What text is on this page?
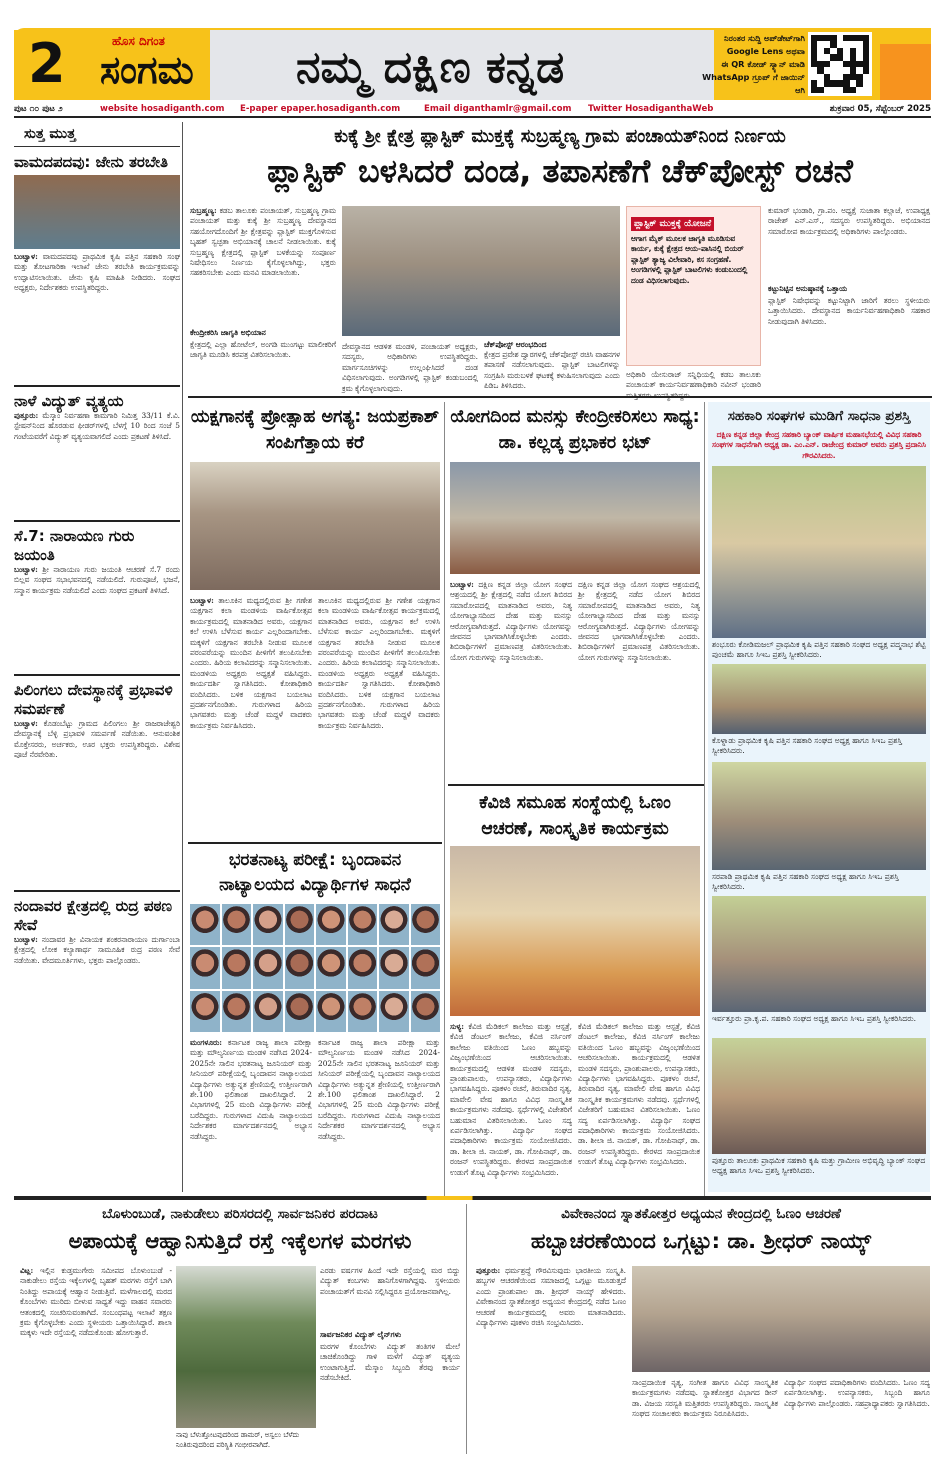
2	ಹೊಸ ದಿಗಂತ
ಸಂಗಮ ನಮ್ಮ ದಕ್ಷಿಣ ಕನ್ನಡ
ನಿರಂತರ ಸುದ್ದಿ ಅಪ್‌ಡೇಟ್‌ಗಾಗಿ
Google Lens ಅಥವಾ
ಈ QR ಕೋಡ್ ಸ್ಕ್ಯಾನ್ ಮಾಡಿ
WhatsApp ಗ್ರೂಪ್ ಗೆ ಜಾಯಿನ್ ಆಗಿ
ಪುಟ ೧೦ ಪುಟ ೨	website hosadiganth.com E-paper epaper.hosadiganth.com	Email diganthamlr@gmail.com Twitter HosadiganthaWeb	ಶುಕ್ರವಾರ 05, ಸೆಪ್ಟೆಂಬರ್ 2025
ಸುತ್ತ ಮುತ್ತ
ವಾಮದಪದವು: ಜೇನು ತರಬೇತಿ
ಬಂಟ್ವಾಳ: ವಾಮದಪದವು ಪ್ರಾಥಮಿಕ ಕೃಷಿ ಪತ್ತಿನ ಸಹಕಾರಿ ಸಂಘ ಮತ್ತು ತೋಟಗಾರಿಕಾ ಇಲಾಖೆ ಜೇನು ತರಬೇತಿ ಕಾರ್ಯಕ್ರಮವನ್ನು ಉದ್ಘಾಟಿಸಲಾಯಿತು. ಜೇನು ಕೃಷಿ ಮಾಹಿತಿ ನೀಡಿದರು. ಸಂಘದ ಅಧ್ಯಕ್ಷರು, ನಿರ್ದೇಶಕರು ಉಪಸ್ಥಿತರಿದ್ದರು.
ನಾಳೆ ವಿದ್ಯುತ್ ವ್ಯತ್ಯಯ
ಪುತ್ತೂರು: ಮೆಸ್ಕಾಂ ನಿರ್ವಹಣಾ ಕಾಮಗಾರಿ ನಿಮಿತ್ತ 33/11 ಕೆ.ವಿ. ಸ್ಟೇಷನ್‌ನಿಂದ ಹೊರಡುವ ಫೀಡರ್‌ಗಳಲ್ಲಿ ಬೆಳಗ್ಗೆ 10 ರಿಂದ ಸಂಜೆ 5 ಗಂಟೆಯವರೆಗೆ ವಿದ್ಯುತ್ ವ್ಯತ್ಯಯವಾಗಲಿದೆ ಎಂದು ಪ್ರಕಟಣೆ ತಿಳಿಸಿದೆ.
ಸೆ.7: ನಾರಾಯಣ ಗುರು ಜಯಂತಿ
ಬಂಟ್ವಾಳ: ಶ್ರೀ ನಾರಾಯಣ ಗುರು ಜಯಂತಿ ಆಚರಣೆ ಸೆ.7 ರಂದು ಬಿಲ್ಲವ ಸಂಘದ ಸಭಾಭವನದಲ್ಲಿ ನಡೆಯಲಿದೆ. ಗುರುಪೂಜೆ, ಭಜನೆ, ಸನ್ಮಾನ ಕಾರ್ಯಕ್ರಮ ನಡೆಯಲಿದೆ ಎಂದು ಸಂಘದ ಪ್ರಕಟಣೆ ತಿಳಿಸಿದೆ.
ಪಿಲಿಂಗಲು ದೇವಸ್ಥಾನಕ್ಕೆ ಪ್ರಭಾವಳಿ ಸಮರ್ಪಣೆ
ಬಂಟ್ವಾಳ: ಕೊಡಂಬೆಟ್ಟು ಗ್ರಾಮದ ಪಿಲಿಂಗಲು ಶ್ರೀ ರಾಜರಾಜೇಶ್ವರಿ ದೇವಸ್ಥಾನಕ್ಕೆ ಬೆಳ್ಳಿ ಪ್ರಭಾವಳಿ ಸಮರ್ಪಣೆ ನಡೆಯಿತು. ಆನುವಂಶಿಕ ಮೊಕ್ತೇಸರರು, ಅರ್ಚಕರು, ಊರ ಭಕ್ತರು ಉಪಸ್ಥಿತರಿದ್ದರು. ವಿಶೇಷ ಪೂಜೆ ನೆರವೇರಿತು.
ನಂದಾವರ ಕ್ಷೇತ್ರದಲ್ಲಿ ರುದ್ರ ಪಠಣ ಸೇವೆ
ಬಂಟ್ವಾಳ: ನಂದಾವರ ಶ್ರೀ ವಿನಾಯಕ ಶಂಕರನಾರಾಯಣ ದುರ್ಗಾಂಬಾ ಕ್ಷೇತ್ರದಲ್ಲಿ ಲೋಕ ಕಲ್ಯಾಣಾರ್ಥ ಸಾಮೂಹಿಕ ರುದ್ರ ಪಠಣ ಸೇವೆ ನಡೆಯಿತು. ವೇದಮೂರ್ತಿಗಳು, ಭಕ್ತರು ಪಾಲ್ಗೊಂಡರು.
ಕುಕ್ಕೆ ಶ್ರೀ ಕ್ಷೇತ್ರ ಪ್ಲಾಸ್ಟಿಕ್ ಮುಕ್ತಕ್ಕೆ ಸುಬ್ರಹ್ಮಣ್ಯ ಗ್ರಾಮ ಪಂಚಾಯತ್‌ನಿಂದ ನಿರ್ಣಯ
ಪ್ಲಾಸ್ಟಿಕ್ ಬಳಸಿದರೆ ದಂಡ, ತಪಾಸಣೆಗೆ ಚೆಕ್‌ಪೋಸ್ಟ್ ರಚನೆ
ಸುಬ್ರಹ್ಮಣ್ಯ: ಕಡಬ ತಾಲೂಕು ಪಂಚಾಯತ್, ಸುಬ್ರಹ್ಮಣ್ಯ ಗ್ರಾಮ ಪಂಚಾಯತ್ ಮತ್ತು ಕುಕ್ಕೆ ಶ್ರೀ ಸುಬ್ರಹ್ಮಣ್ಯ ದೇವಸ್ಥಾನದ ಸಹಯೋಗದೊಂದಿಗೆ ಶ್ರೀ ಕ್ಷೇತ್ರವನ್ನು ಪ್ಲಾಸ್ಟಿಕ್ ಮುಕ್ತಗೊಳಿಸುವ ಬೃಹತ್ ಸ್ವಚ್ಛತಾ ಅಭಿಯಾನಕ್ಕೆ ಚಾಲನೆ ನೀಡಲಾಯಿತು. ಕುಕ್ಕೆ ಸುಬ್ರಹ್ಮಣ್ಯ ಕ್ಷೇತ್ರದಲ್ಲಿ ಪ್ಲಾಸ್ಟಿಕ್ ಬಳಕೆಯನ್ನು ಸಂಪೂರ್ಣ ನಿಷೇಧಿಸಲು ನಿರ್ಣಯ ಕೈಗೊಳ್ಳಲಾಗಿದ್ದು, ಭಕ್ತರು ಸಹಕರಿಸಬೇಕು ಎಂದು ಮನವಿ ಮಾಡಲಾಯಿತು.
ಕೇಂದ್ರೀಕರಿಸಿ ಜಾಗೃತಿ ಅಭಿಯಾನ
ಕ್ಷೇತ್ರದಲ್ಲಿ ಎಲ್ಲಾ ಹೋಟೆಲ್, ಅಂಗಡಿ ಮುಂಗಟ್ಟು ಮಾಲೀಕರಿಗೆ ಜಾಗೃತಿ ಮೂಡಿಸಿ ಕರಪತ್ರ ವಿತರಿಸಲಾಯಿತು.
ದೇವಸ್ಥಾನದ ಆಡಳಿತ ಮಂಡಳಿ, ಪಂಚಾಯತ್ ಅಧ್ಯಕ್ಷರು, ಸದಸ್ಯರು, ಅಧಿಕಾರಿಗಳು ಉಪಸ್ಥಿತರಿದ್ದರು. ಮಾರ್ಗಸೂಚಿಗಳನ್ನು ಉಲ್ಲಂಘಿಸಿದರೆ ದಂಡ ವಿಧಿಸಲಾಗುವುದು. ಅಂಗಡಿಗಳಲ್ಲಿ ಪ್ಲಾಸ್ಟಿಕ್ ಕಂಡುಬಂದಲ್ಲಿ ಕ್ರಮ ಕೈಗೊಳ್ಳಲಾಗುವುದು.
ಚೆಕ್‌ಪೋಸ್ಟ್ ಆರಂಭದಿಂದ
ಕ್ಷೇತ್ರದ ಪ್ರವೇಶ ದ್ವಾರಗಳಲ್ಲಿ ಚೆಕ್‌ಪೋಸ್ಟ್ ರಚಿಸಿ ವಾಹನಗಳ ತಪಾಸಣೆ ನಡೆಸಲಾಗುವುದು. ಪ್ಲಾಸ್ಟಿಕ್ ಬಾಟಲಿಗಳನ್ನು ಸಂಗ್ರಹಿಸಿ ಮರುಬಳಕೆ ಘಟಕಕ್ಕೆ ಕಳುಹಿಸಲಾಗುವುದು ಎಂದು ಪಿಡಿಒ ತಿಳಿಸಿದರು.
ಪ್ಲಾಸ್ಟಿಕ್ ಮುಕ್ತಕ್ಕೆ ಯೋಜನೆ
ಆಗಾಗ ಮೈಕ್ ಮೂಲಕ ಜಾಗೃತಿ ಮೂಡಿಸುವ ಕಾರ್ಯ, ಕುಕ್ಕೆ ಕ್ಷೇತ್ರದ ಆಯ-ಪಾಸಿನಲ್ಲಿ ಬಿಯರ್ ಪ್ಲಾಸ್ಟಿಕ್ ತ್ಯಾಜ್ಯ ವಿಲೇವಾರಿ, ಕಸ ಸಂಗ್ರಹಣೆ. ಅಂಗಡಿಗಳಲ್ಲಿ ಪ್ಲಾಸ್ಟಿಕ್ ಬಾಟಲಿಗಳು ಕಂಡುಬಂದಲ್ಲಿ ದಂಡ ವಿಧಿಸಲಾಗುವುದು.
ಅಧಿಕಾರಿ ಯೇಸುರಾಜ್ ಸನ್ನಿಧಿಯಲ್ಲಿ ಕಡಬ ತಾಲೂಕು ಪಂಚಾಯತ್ ಕಾರ್ಯನಿರ್ವಹಣಾಧಿಕಾರಿ ನವೀನ್ ಭಂಡಾರಿ
ಕುಮಾರ್ ಭಂಡಾರಿ, ಗ್ರಾ.ಪಂ. ಅಧ್ಯಕ್ಷೆ ಸುಜಾತಾ ಕಲ್ಲಾಜೆ, ಉಪಾಧ್ಯಕ್ಷ ರಾಜೇಶ್ ಎನ್.ಎಸ್., ಸದಸ್ಯರು ಉಪಸ್ಥಿತರಿದ್ದರು. ಅಭಿಯಾನದ ಸಮಾರೋಪ ಕಾರ್ಯಕ್ರಮದಲ್ಲಿ ಅಧಿಕಾರಿಗಳು ಪಾಲ್ಗೊಂಡರು.
ಕಟ್ಟುನಿಟ್ಟಿನ ಅನುಷ್ಠಾನಕ್ಕೆ ಒತ್ತಾಯ
ಪ್ಲಾಸ್ಟಿಕ್ ನಿಷೇಧವನ್ನು ಕಟ್ಟುನಿಟ್ಟಾಗಿ ಜಾರಿಗೆ ತರಲು ಸ್ಥಳೀಯರು ಒತ್ತಾಯಿಸಿದರು. ದೇವಸ್ಥಾನದ ಕಾರ್ಯನಿರ್ವಹಣಾಧಿಕಾರಿ ಸಹಕಾರ ನೀಡುವುದಾಗಿ ತಿಳಿಸಿದರು.
ಯಕ್ಷಗಾನಕ್ಕೆ ಪ್ರೋತ್ಸಾಹ ಅಗತ್ಯ: ಜಯಪ್ರಕಾಶ್ ಸಂಪಿಗೆತ್ತಾಯ ಕರೆ
ಬಂಟ್ವಾಳ: ತಾಲೂಕಿನ ಮಧ್ಯದಲ್ಲಿರುವ ಶ್ರೀ ಗಣೇಶ ಯಕ್ಷಗಾನ ಕಲಾ ಮಂಡಳಿಯ ವಾರ್ಷಿಕೋತ್ಸವ ಕಾರ್ಯಕ್ರಮದಲ್ಲಿ ಮಾತನಾಡಿದ ಅವರು, ಯಕ್ಷಗಾನ ಕಲೆ ಉಳಿಸಿ ಬೆಳೆಸುವ ಕಾರ್ಯ ಎಲ್ಲರಿಂದಾಗಬೇಕು. ಮಕ್ಕಳಿಗೆ ಯಕ್ಷಗಾನ ತರಬೇತಿ ನೀಡುವ ಮೂಲಕ ಪರಂಪರೆಯನ್ನು ಮುಂದಿನ ಪೀಳಿಗೆಗೆ ತಲುಪಿಸಬೇಕು ಎಂದರು. ಹಿರಿಯ ಕಲಾವಿದರನ್ನು ಸನ್ಮಾನಿಸಲಾಯಿತು. ಮಂಡಳಿಯ ಅಧ್ಯಕ್ಷರು ಅಧ್ಯಕ್ಷತೆ ವಹಿಸಿದ್ದರು. ಕಾರ್ಯದರ್ಶಿ ಸ್ವಾಗತಿಸಿದರು. ಕೋಶಾಧಿಕಾರಿ ವಂದಿಸಿದರು. ಬಳಿಕ ಯಕ್ಷಗಾನ ಬಯಲಾಟ ಪ್ರದರ್ಶನಗೊಂಡಿತು. ಗುರುಗಳಾದ ಹಿರಿಯ ಭಾಗವತರು ಮತ್ತು ಚೆಂಡೆ ಮದ್ದಳೆ ವಾದಕರು ಕಾರ್ಯಕ್ರಮ ನಿರ್ವಹಿಸಿದರು.
ತಾಲೂಕಿನ ಮಧ್ಯದಲ್ಲಿರುವ ಶ್ರೀ ಗಣೇಶ ಯಕ್ಷಗಾನ ಕಲಾ ಮಂಡಳಿಯ ವಾರ್ಷಿಕೋತ್ಸವ ಕಾರ್ಯಕ್ರಮದಲ್ಲಿ ಮಾತನಾಡಿದ ಅವರು, ಯಕ್ಷಗಾನ ಕಲೆ ಉಳಿಸಿ ಬೆಳೆಸುವ ಕಾರ್ಯ ಎಲ್ಲರಿಂದಾಗಬೇಕು. ಮಕ್ಕಳಿಗೆ ಯಕ್ಷಗಾನ ತರಬೇತಿ ನೀಡುವ ಮೂಲಕ ಪರಂಪರೆಯನ್ನು ಮುಂದಿನ ಪೀಳಿಗೆಗೆ ತಲುಪಿಸಬೇಕು ಎಂದರು. ಹಿರಿಯ ಕಲಾವಿದರನ್ನು ಸನ್ಮಾನಿಸಲಾಯಿತು. ಮಂಡಳಿಯ ಅಧ್ಯಕ್ಷರು ಅಧ್ಯಕ್ಷತೆ ವಹಿಸಿದ್ದರು. ಕಾರ್ಯದರ್ಶಿ ಸ್ವಾಗತಿಸಿದರು. ಕೋಶಾಧಿಕಾರಿ ವಂದಿಸಿದರು. ಬಳಿಕ ಯಕ್ಷಗಾನ ಬಯಲಾಟ ಪ್ರದರ್ಶನಗೊಂಡಿತು. ಗುರುಗಳಾದ ಹಿರಿಯ ಭಾಗವತರು ಮತ್ತು ಚೆಂಡೆ ಮದ್ದಳೆ ವಾದಕರು ಕಾರ್ಯಕ್ರಮ ನಿರ್ವಹಿಸಿದರು.
ಯೋಗದಿಂದ ಮನಸ್ಸು ಕೇಂದ್ರೀಕರಿಸಲು ಸಾಧ್ಯ: ಡಾ. ಕಲ್ಲಡ್ಕ ಪ್ರಭಾಕರ ಭಟ್
ಬಂಟ್ವಾಳ: ದಕ್ಷಿಣ ಕನ್ನಡ ಜಿಲ್ಲಾ ಯೋಗ ಸಂಘದ ಆಶ್ರಯದಲ್ಲಿ ಶ್ರೀ ಕ್ಷೇತ್ರದಲ್ಲಿ ನಡೆದ ಯೋಗ ಶಿಬಿರದ ಸಮಾರೋಪದಲ್ಲಿ ಮಾತನಾಡಿದ ಅವರು, ನಿತ್ಯ ಯೋಗಾಭ್ಯಾಸದಿಂದ ದೇಹ ಮತ್ತು ಮನಸ್ಸು ಆರೋಗ್ಯವಾಗಿರುತ್ತದೆ. ವಿದ್ಯಾರ್ಥಿಗಳು ಯೋಗವನ್ನು ಜೀವನದ ಭಾಗವಾಗಿಸಿಕೊಳ್ಳಬೇಕು ಎಂದರು. ಶಿಬಿರಾರ್ಥಿಗಳಿಗೆ ಪ್ರಮಾಣಪತ್ರ ವಿತರಿಸಲಾಯಿತು. ಯೋಗ ಗುರುಗಳನ್ನು ಸನ್ಮಾನಿಸಲಾಯಿತು.
ದಕ್ಷಿಣ ಕನ್ನಡ ಜಿಲ್ಲಾ ಯೋಗ ಸಂಘದ ಆಶ್ರಯದಲ್ಲಿ ಶ್ರೀ ಕ್ಷೇತ್ರದಲ್ಲಿ ನಡೆದ ಯೋಗ ಶಿಬಿರದ ಸಮಾರೋಪದಲ್ಲಿ ಮಾತನಾಡಿದ ಅವರು, ನಿತ್ಯ ಯೋಗಾಭ್ಯಾಸದಿಂದ ದೇಹ ಮತ್ತು ಮನಸ್ಸು ಆರೋಗ್ಯವಾಗಿರುತ್ತದೆ. ವಿದ್ಯಾರ್ಥಿಗಳು ಯೋಗವನ್ನು ಜೀವನದ ಭಾಗವಾಗಿಸಿಕೊಳ್ಳಬೇಕು ಎಂದರು. ಶಿಬಿರಾರ್ಥಿಗಳಿಗೆ ಪ್ರಮಾಣಪತ್ರ ವಿತರಿಸಲಾಯಿತು. ಯೋಗ ಗುರುಗಳನ್ನು ಸನ್ಮಾನಿಸಲಾಯಿತು.
ಕೆವಿಜಿ ಸಮೂಹ ಸಂಸ್ಥೆಯಲ್ಲಿ ಓಣಂ ಆಚರಣೆ, ಸಾಂಸ್ಕೃತಿಕ ಕಾರ್ಯಕ್ರಮ
ಸುಳ್ಯ: ಕೆವಿಜಿ ಮೆಡಿಕಲ್ ಕಾಲೇಜು ಮತ್ತು ಆಸ್ಪತ್ರೆ, ಕೆವಿಜಿ ಡೆಂಟಲ್ ಕಾಲೇಜು, ಕೆವಿಜಿ ನರ್ಸಿಂಗ್ ಕಾಲೇಜು ವತಿಯಿಂದ ಓಣಂ ಹಬ್ಬವನ್ನು ವಿಜೃಂಭಣೆಯಿಂದ ಆಚರಿಸಲಾಯಿತು. ಕಾರ್ಯಕ್ರಮದಲ್ಲಿ ಆಡಳಿತ ಮಂಡಳಿ ಸದಸ್ಯರು, ಪ್ರಾಂಶುಪಾಲರು, ಉಪನ್ಯಾಸಕರು, ವಿದ್ಯಾರ್ಥಿಗಳು ಭಾಗವಹಿಸಿದ್ದರು. ಪೂಕಳಂ ರಚನೆ, ತಿರುವಾದಿರ ನೃತ್ಯ, ಮಾವೇಲಿ ವೇಷ ಹಾಗೂ ವಿವಿಧ ಸಾಂಸ್ಕೃತಿಕ ಕಾರ್ಯಕ್ರಮಗಳು ನಡೆದವು. ಸ್ಪರ್ಧೆಗಳಲ್ಲಿ ವಿಜೇತರಿಗೆ ಬಹುಮಾನ ವಿತರಿಸಲಾಯಿತು. ಓಣಂ ಸದ್ಯ ಏರ್ಪಡಿಸಲಾಗಿತ್ತು. ವಿದ್ಯಾರ್ಥಿ ಸಂಘದ ಪದಾಧಿಕಾರಿಗಳು ಕಾರ್ಯಕ್ರಮ ಸಂಯೋಜಿಸಿದರು. ಡಾ. ಶೀಲಾ ಜಿ. ನಾಯಕ್, ಡಾ. ಗೋಪಿನಾಥ್, ಡಾ. ರಂಜನ್ ಉಪಸ್ಥಿತರಿದ್ದರು. ಕೇರಳದ ಸಾಂಪ್ರದಾಯಿಕ ಉಡುಗೆ ತೊಟ್ಟ ವಿದ್ಯಾರ್ಥಿಗಳು ಸಂಭ್ರಮಿಸಿದರು.
ಕೆವಿಜಿ ಮೆಡಿಕಲ್ ಕಾಲೇಜು ಮತ್ತು ಆಸ್ಪತ್ರೆ, ಕೆವಿಜಿ ಡೆಂಟಲ್ ಕಾಲೇಜು, ಕೆವಿಜಿ ನರ್ಸಿಂಗ್ ಕಾಲೇಜು ವತಿಯಿಂದ ಓಣಂ ಹಬ್ಬವನ್ನು ವಿಜೃಂಭಣೆಯಿಂದ ಆಚರಿಸಲಾಯಿತು. ಕಾರ್ಯಕ್ರಮದಲ್ಲಿ ಆಡಳಿತ ಮಂಡಳಿ ಸದಸ್ಯರು, ಪ್ರಾಂಶುಪಾಲರು, ಉಪನ್ಯಾಸಕರು, ವಿದ್ಯಾರ್ಥಿಗಳು ಭಾಗವಹಿಸಿದ್ದರು. ಪೂಕಳಂ ರಚನೆ, ತಿರುವಾದಿರ ನೃತ್ಯ, ಮಾವೇಲಿ ವೇಷ ಹಾಗೂ ವಿವಿಧ ಸಾಂಸ್ಕೃತಿಕ ಕಾರ್ಯಕ್ರಮಗಳು ನಡೆದವು. ಸ್ಪರ್ಧೆಗಳಲ್ಲಿ ವಿಜೇತರಿಗೆ ಬಹುಮಾನ ವಿತರಿಸಲಾಯಿತು. ಓಣಂ ಸದ್ಯ ಏರ್ಪಡಿಸಲಾಗಿತ್ತು. ವಿದ್ಯಾರ್ಥಿ ಸಂಘದ ಪದಾಧಿಕಾರಿಗಳು ಕಾರ್ಯಕ್ರಮ ಸಂಯೋಜಿಸಿದರು. ಡಾ. ಶೀಲಾ ಜಿ. ನಾಯಕ್, ಡಾ. ಗೋಪಿನಾಥ್, ಡಾ. ರಂಜನ್ ಉಪಸ್ಥಿತರಿದ್ದರು. ಕೇರಳದ ಸಾಂಪ್ರದಾಯಿಕ ಉಡುಗೆ ತೊಟ್ಟ ವಿದ್ಯಾರ್ಥಿಗಳು ಸಂಭ್ರಮಿಸಿದರು.
ಭರತನಾಟ್ಯ ಪರೀಕ್ಷೆ: ಬೃಂದಾವನ ನಾಟ್ಯಾಲಯದ ವಿದ್ಯಾರ್ಥಿಗಳ ಸಾಧನೆ
ಮಂಗಳೂರು: ಕರ್ನಾಟಕ ರಾಜ್ಯ ಶಾಲಾ ಪರೀಕ್ಷಾ ಮತ್ತು ಮೌಲ್ಯನಿರ್ಣಯ ಮಂಡಳಿ ನಡೆಸಿದ 2024-2025ನೇ ಸಾಲಿನ ಭರತನಾಟ್ಯ ಜೂನಿಯರ್ ಮತ್ತು ಸೀನಿಯರ್ ಪರೀಕ್ಷೆಯಲ್ಲಿ ಬೃಂದಾವನ ನಾಟ್ಯಾಲಯದ ವಿದ್ಯಾರ್ಥಿಗಳು ಅತ್ಯುನ್ನತ ಶ್ರೇಣಿಯಲ್ಲಿ ಉತ್ತೀರ್ಣರಾಗಿ ಶೇ.100 ಫಲಿತಾಂಶ ದಾಖಲಿಸಿದ್ದಾರೆ. 2 ವಿಭಾಗಗಳಲ್ಲಿ 25 ಮಂದಿ ವಿದ್ಯಾರ್ಥಿಗಳು ಪರೀಕ್ಷೆ ಬರೆದಿದ್ದರು. ಗುರುಗಳಾದ ವಿದುಷಿ ನಾಟ್ಯಾಲಯದ ನಿರ್ದೇಶಕರ ಮಾರ್ಗದರ್ಶನದಲ್ಲಿ ಅಭ್ಯಾಸ ನಡೆಸಿದ್ದರು.
ಕರ್ನಾಟಕ ರಾಜ್ಯ ಶಾಲಾ ಪರೀಕ್ಷಾ ಮತ್ತು ಮೌಲ್ಯನಿರ್ಣಯ ಮಂಡಳಿ ನಡೆಸಿದ 2024-2025ನೇ ಸಾಲಿನ ಭರತನಾಟ್ಯ ಜೂನಿಯರ್ ಮತ್ತು ಸೀನಿಯರ್ ಪರೀಕ್ಷೆಯಲ್ಲಿ ಬೃಂದಾವನ ನಾಟ್ಯಾಲಯದ ವಿದ್ಯಾರ್ಥಿಗಳು ಅತ್ಯುನ್ನತ ಶ್ರೇಣಿಯಲ್ಲಿ ಉತ್ತೀರ್ಣರಾಗಿ ಶೇ.100 ಫಲಿತಾಂಶ ದಾಖಲಿಸಿದ್ದಾರೆ. 2 ವಿಭಾಗಗಳಲ್ಲಿ 25 ಮಂದಿ ವಿದ್ಯಾರ್ಥಿಗಳು ಪರೀಕ್ಷೆ ಬರೆದಿದ್ದರು. ಗುರುಗಳಾದ ವಿದುಷಿ ನಾಟ್ಯಾಲಯದ ನಿರ್ದೇಶಕರ ಮಾರ್ಗದರ್ಶನದಲ್ಲಿ ಅಭ್ಯಾಸ ನಡೆಸಿದ್ದರು.
ಸಹಕಾರಿ ಸಂಘಗಳ ಮುಡಿಗೆ ಸಾಧನಾ ಪ್ರಶಸ್ತಿ
ದಕ್ಷಿಣ ಕನ್ನಡ ಜಿಲ್ಲಾ ಕೇಂದ್ರ ಸಹಕಾರಿ ಬ್ಯಾಂಕ್ ವಾರ್ಷಿಕ ಮಹಾಸಭೆಯಲ್ಲಿ ವಿವಿಧ ಸಹಕಾರಿ ಸಂಘಗಳ ಸಾಧನೆಗಾಗಿ ಅಧ್ಯಕ್ಷ ಡಾ. ಎಂ.ಎನ್. ರಾಜೇಂದ್ರ ಕುಮಾರ್ ಅವರು ಪ್ರಶಸ್ತಿ ಪ್ರದಾನಿಸಿ ಗೌರವಿಸಿದರು.
ಶಂಭೂರು ಕೋಡಿಮಜಲ್ ಪ್ರಾಥಮಿಕ ಕೃಷಿ ಪತ್ತಿನ ಸಹಕಾರಿ ಸಂಘದ ಅಧ್ಯಕ್ಷ ಪದ್ಮನಾಭ ಶೆಟ್ಟಿ ಪುಂಚಮೆ ಹಾಗೂ ಸಿಇಒ ಪ್ರಶಸ್ತಿ ಸ್ವೀಕರಿಸಿದರು.
ಕೊಳ್ನಾಡು ಪ್ರಾಥಮಿಕ ಕೃಷಿ ಪತ್ತಿನ ಸಹಕಾರಿ ಸಂಘದ ಅಧ್ಯಕ್ಷ ಹಾಗೂ ಸಿಇಒ ಪ್ರಶಸ್ತಿ ಸ್ವೀಕರಿಸಿದರು.
ಸರಪಾಡಿ ಪ್ರಾಥಮಿಕ ಕೃಷಿ ಪತ್ತಿನ ಸಹಕಾರಿ ಸಂಘದ ಅಧ್ಯಕ್ಷ ಹಾಗೂ ಸಿಇಒ ಪ್ರಶಸ್ತಿ ಸ್ವೀಕರಿಸಿದರು.
ಇರ್ವತ್ತೂರು ಪ್ರಾ.ಕೃ.ಪ. ಸಹಕಾರಿ ಸಂಘದ ಅಧ್ಯಕ್ಷ ಹಾಗೂ ಸಿಇಒ ಪ್ರಶಸ್ತಿ ಸ್ವೀಕರಿಸಿದರು.
ಪುತ್ತೂರು ತಾಲೂಕು ಪ್ರಾಥಮಿಕ ಸಹಕಾರಿ ಕೃಷಿ ಮತ್ತು ಗ್ರಾಮೀಣ ಅಭಿವೃದ್ಧಿ ಬ್ಯಾಂಕ್ ಸಂಘದ ಅಧ್ಯಕ್ಷ ಹಾಗೂ ಸಿಇಒ ಪ್ರಶಸ್ತಿ ಸ್ವೀಕರಿಸಿದರು.
ಬೊಳುಂಬುಡೆ, ನಾಕುಡೇಲು ಪರಿಸರದಲ್ಲಿ ಸಾರ್ವಜನಿಕರ ಪರದಾಟ
ಅಪಾಯಕ್ಕೆ ಆಹ್ವಾನಿಸುತ್ತಿದೆ ರಸ್ತೆ ಇಕ್ಕೆಲಗಳ ಮರಗಳು
ವಿಟ್ಲ: ಇಲ್ಲಿನ ಕುಡ್ತಮುಗೇರು ಸಮೀಪದ ಬೊಳುಂಬುಡೆ - ನಾಕುಡೇಲು ರಸ್ತೆಯ ಇಕ್ಕೆಲಗಳಲ್ಲಿ ಬೃಹತ್ ಮರಗಳು ರಸ್ತೆಗೆ ಬಾಗಿ ನಿಂತಿದ್ದು ಅಪಾಯಕ್ಕೆ ಆಹ್ವಾನ ನೀಡುತ್ತಿವೆ. ಮಳೆಗಾಲದಲ್ಲಿ ಮರದ ಕೊಂಬೆಗಳು ಮುರಿದು ಬೀಳುವ ಸಾಧ್ಯತೆ ಇದ್ದು ವಾಹನ ಸವಾರರು ಆತಂಕದಲ್ಲಿ ಸಂಚರಿಸುವಂತಾಗಿದೆ. ಸಂಬಂಧಪಟ್ಟ ಇಲಾಖೆ ತಕ್ಷಣ ಕ್ರಮ ಕೈಗೊಳ್ಳಬೇಕು ಎಂದು ಸ್ಥಳೀಯರು ಒತ್ತಾಯಿಸಿದ್ದಾರೆ. ಶಾಲಾ ಮಕ್ಕಳು ಇದೇ ರಸ್ತೆಯಲ್ಲಿ ನಡೆದುಕೊಂಡು ಹೋಗುತ್ತಾರೆ.
ನಾವು ಬೆಳುತ್ತೋಟವುದರಿಂದ ಡಾಮರ್, ಅಸ್ವಲು ಬೆಳೆದು ನಿಂತಿರುವುದರಿಂದ ಪರಿಸ್ಥಿತಿ ಗಂಭೀರವಾಗಿದೆ.
ಎರಡು ವರ್ಷಗಳ ಹಿಂದೆ ಇದೇ ರಸ್ತೆಯಲ್ಲಿ ಮರ ಬಿದ್ದು ವಿದ್ಯುತ್ ಕಂಬಗಳು ಹಾನಿಗೊಳಗಾಗಿದ್ದವು. ಸ್ಥಳೀಯರು ಪಂಚಾಯತ್‌ಗೆ ಮನವಿ ಸಲ್ಲಿಸಿದ್ದರೂ ಪ್ರಯೋಜನವಾಗಿಲ್ಲ.
ಸಾರ್ವಜನಿಕರ ವಿದ್ಯುತ್ ಲೈನ್‌ಗಳು
ಮರಗಳ ಕೊಂಬೆಗಳು ವಿದ್ಯುತ್ ತಂತಿಗಳ ಮೇಲೆ ಚಾಚಿಕೊಂಡಿದ್ದು ಗಾಳಿ ಮಳೆಗೆ ವಿದ್ಯುತ್ ವ್ಯತ್ಯಯ ಉಂಟಾಗುತ್ತಿದೆ. ಮೆಸ್ಕಾಂ ಸಿಬ್ಬಂದಿ ತೆರವು ಕಾರ್ಯ ನಡೆಸಬೇಕಿದೆ.
ವಿವೇಕಾನಂದ ಸ್ನಾತಕೋತ್ತರ ಅಧ್ಯಯನ ಕೇಂದ್ರದಲ್ಲಿ ಓಣಂ ಆಚರಣೆ
ಹಬ್ಬಾಚರಣೆಯಿಂದ ಒಗ್ಗಟ್ಟು: ಡಾ. ಶ್ರೀಧರ್ ನಾಯ್ಕ್
ಪುತ್ತೂರು: ಧರ್ಮಶ್ರದ್ಧೆ ಗೌರವಿಸುವುದು ಭಾರತೀಯ ಸಂಸ್ಕೃತಿ. ಹಬ್ಬಗಳ ಆಚರಣೆಯಿಂದ ಸಮಾಜದಲ್ಲಿ ಒಗ್ಗಟ್ಟು ಮೂಡುತ್ತದೆ ಎಂದು ಪ್ರಾಂಶುಪಾಲ ಡಾ. ಶ್ರೀಧರ್ ನಾಯ್ಕ್ ಹೇಳಿದರು. ವಿವೇಕಾನಂದ ಸ್ನಾತಕೋತ್ತರ ಅಧ್ಯಯನ ಕೇಂದ್ರದಲ್ಲಿ ನಡೆದ ಓಣಂ ಆಚರಣೆ ಕಾರ್ಯಕ್ರಮದಲ್ಲಿ ಅವರು ಮಾತನಾಡಿದರು. ವಿದ್ಯಾರ್ಥಿಗಳು ಪೂಕಳಂ ರಚಿಸಿ ಸಂಭ್ರಮಿಸಿದರು.
ಸಾಂಪ್ರದಾಯಿಕ ನೃತ್ಯ, ಸಂಗೀತ ಹಾಗೂ ವಿವಿಧ ಸಾಂಸ್ಕೃತಿಕ ಕಾರ್ಯಕ್ರಮಗಳು ನಡೆದವು. ಸ್ನಾತಕೋತ್ತರ ವಿಭಾಗದ ಡೀನ್ ಡಾ. ವಿಜಯ ಸರಸ್ವತಿ ಮತ್ತಿತರರು ಉಪಸ್ಥಿತರಿದ್ದರು. ಸಾಂಸ್ಕೃತಿಕ ಸಂಘದ ಸಂಚಾಲಕರು ಕಾರ್ಯಕ್ರಮ ನಿರೂಪಿಸಿದರು.
ವಿದ್ಯಾರ್ಥಿ ಸಂಘದ ಪದಾಧಿಕಾರಿಗಳು ವಂದಿಸಿದರು. ಓಣಂ ಸದ್ಯ ಏರ್ಪಡಿಸಲಾಗಿತ್ತು. ಉಪನ್ಯಾಸಕರು, ಸಿಬ್ಬಂದಿ ಹಾಗೂ ವಿದ್ಯಾರ್ಥಿಗಳು ಪಾಲ್ಗೊಂಡರು. ಸಹಪ್ರಾಧ್ಯಾಪಕರು ಸ್ವಾಗತಿಸಿದರು.
